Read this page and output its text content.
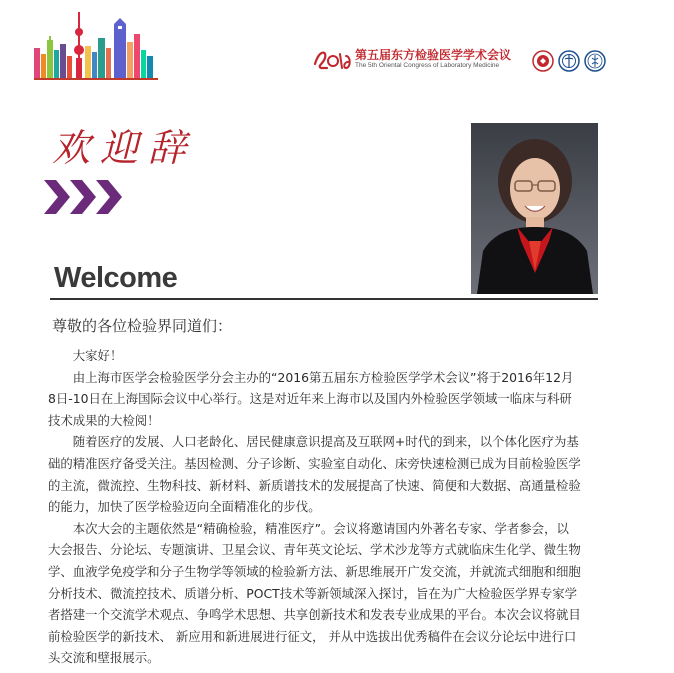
第五届东方检验医学学术会议
The 5th Oriental Congress of Laboratory Medicine
欢迎辞
Welcome
尊敬的各位检验界同道们：
　　大家好！
　　由上海市医学会检验医学分会主办的“2016第五届东方检验医学学术会议”将于2016年12月
8日-10日在上海国际会议中心举行。这是对近年来上海市以及国内外检验医学领域一临床与科研
技术成果的大检阅！
　　随着医疗的发展、人口老龄化、居民健康意识提高及互联网+时代的到来，以个体化医疗为基
础的精准医疗备受关注。基因检测、分子诊断、实验室自动化、床旁快速检测已成为目前检验医学
的主流，微流控、生物科技、新材料、新质谱技术的发展提高了快速、简便和大数据、高通量检验
的能力，加快了医学检验迈向全面精准化的步伐。
　　本次大会的主题依然是“精确检验，精准医疗”。会议将邀请国内外著名专家、学者参会，以
大会报告、分论坛、专题演讲、卫星会议、青年英文论坛、学术沙龙等方式就临床生化学、微生物
学、血液学免疫学和分子生物学等领域的检验新方法、新思维展开广发交流，并就流式细胞和细胞
分析技术、微流控技术、质谱分析、POCT技术等新领域深入探讨，旨在为广大检验医学界专家学
者搭建一个交流学术观点、争鸣学术思想、共享创新技术和发表专业成果的平台。本次会议将就目
前检验医学的新技术、 新应用和新进展进行征文， 并从中选拔出优秀稿件在会议分论坛中进行口
头交流和壁报展示。
